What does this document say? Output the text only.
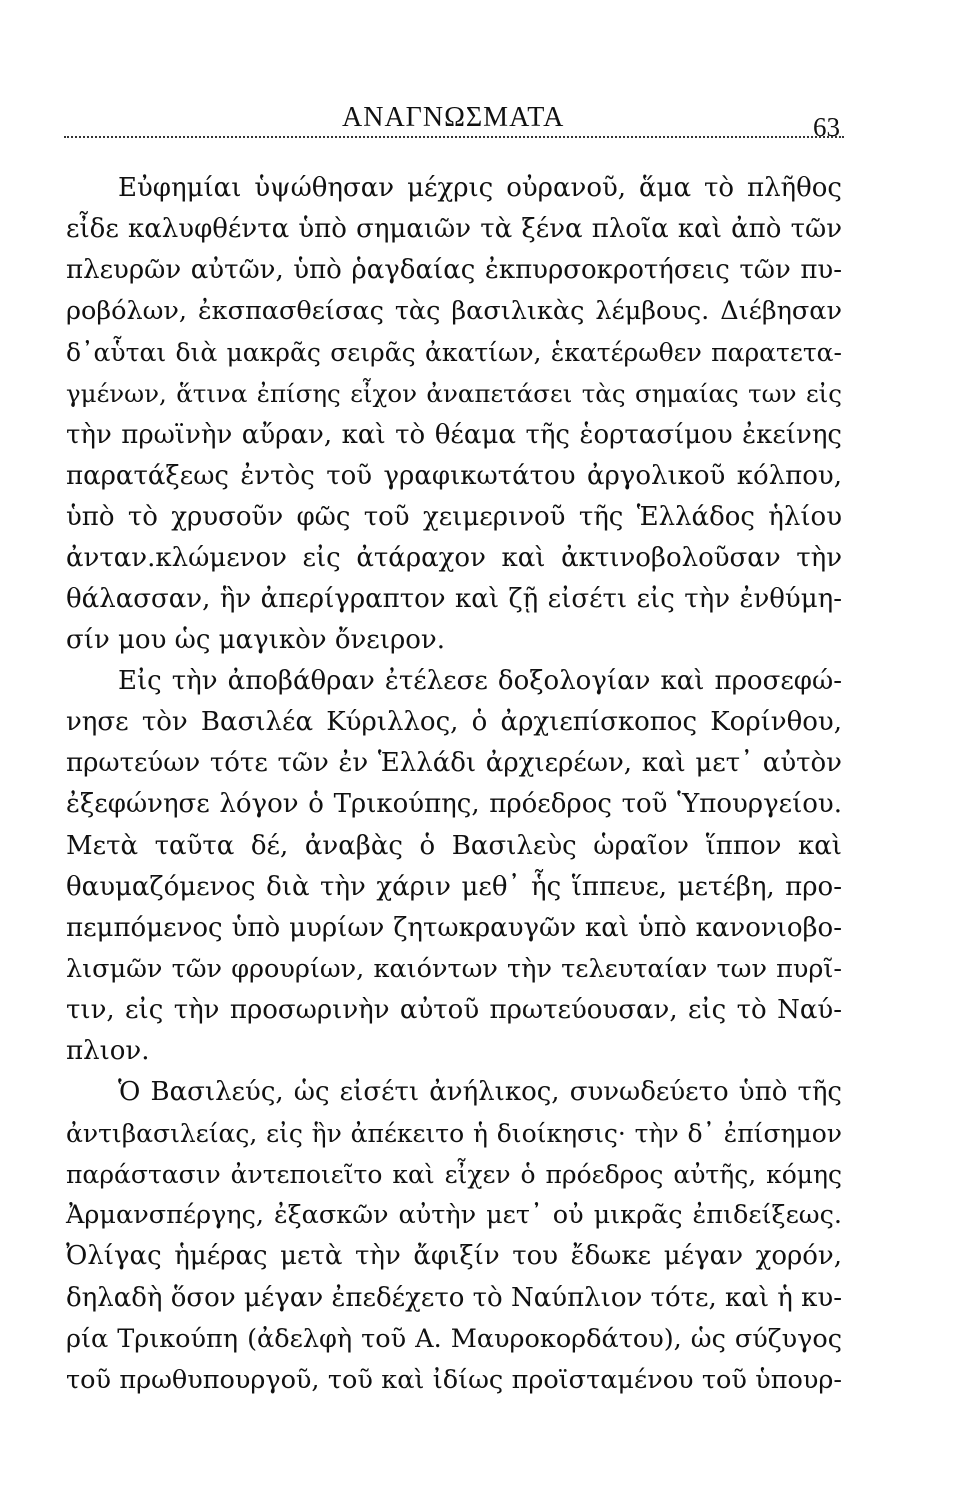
ΑΝΑΓΝΩΣΜΑΤΑ	63
Εὐφημίαι ὑψώθησαν μέχρις οὐρανοῦ, ἅμα τὸ πλῆθος
εἶδε καλυφθέντα ὑπὸ σημαιῶν τὰ ξένα πλοῖα καὶ ἀπὸ τῶν
πλευρῶν αὐτῶν, ὑπὸ ῥαγδαίας ἐκπυρσοκροτήσεις τῶν πυ-
ροβόλων, ἐκσπασθείσας τὰς βασιλικὰς λέμβους. Διέβησαν
δ᾽αὗται διὰ μακρᾶς σειρᾶς ἀκατίων, ἑκατέρωθεν παρατετα-
γμένων, ἅτινα ἐπίσης εἶχον ἀναπετάσει τὰς σημαίας των εἰς
τὴν πρωϊνὴν αὔραν, καὶ τὸ θέαμα τῆς ἑορτασίμου ἐκείνης
παρατάξεως ἐντὸς τοῦ γραφικωτάτου ἀργολικοῦ κόλπου,
ὑπὸ τὸ χρυσοῦν φῶς τοῦ χειμερινοῦ τῆς Ἑλλάδος ἡλίου
ἀνταν.κλώμενον εἰς ἀτάραχον καὶ ἀκτινοβολοῦσαν τὴν
θάλασσαν, ἣν ἀπερίγραπτον καὶ ζῇ εἰσέτι εἰς τὴν ἐνθύμη-
σίν μου ὡς μαγικὸν ὄνειρον.
Εἰς τὴν ἀποβάθραν ἐτέλεσε δοξολογίαν καὶ προσεφώ-
νησε τὸν Βασιλέα Κύριλλος, ὁ ἀρχιεπίσκοπος Κορίνθου,
πρωτεύων τότε τῶν ἐν Ἑλλάδι ἀρχιερέων, καὶ μετ᾽ αὐτὸν
ἐξεφώνησε λόγον ὁ Τρικούπης, πρόεδρος τοῦ Ὑπουργείου.
Μετὰ ταῦτα δέ, ἀναβὰς ὁ Βασιλεὺς ὡραῖον ἵππον καὶ
θαυμαζόμενος διὰ τὴν χάριν μεθ᾽ ἧς ἵππευε, μετέβη, προ-
πεμπόμενος ὑπὸ μυρίων ζητωκραυγῶν καὶ ὑπὸ κανονιοβο-
λισμῶν τῶν φρουρίων, καιόντων τὴν τελευταίαν των πυρῖ-
τιν, εἰς τὴν προσωρινὴν αὐτοῦ πρωτεύουσαν, εἰς τὸ Ναύ-
πλιον.
Ὁ Βασιλεύς, ὡς εἰσέτι ἀνήλικος, συνωδεύετο ὑπὸ τῆς
ἀντιβασιλείας, εἰς ἣν ἀπέκειτο ἡ διοίκησις· τὴν δ᾽ ἐπίσημον
παράστασιν ἀντεποιεῖτο καὶ εἶχεν ὁ πρόεδρος αὐτῆς, κόμης
Ἀρμανσπέργης, ἐξασκῶν αὐτὴν μετ᾽ οὐ μικρᾶς ἐπιδείξεως.
Ὀλίγας ἡμέρας μετὰ τὴν ἄφιξίν του ἔδωκε μέγαν χορόν,
δηλαδὴ ὅσον μέγαν ἐπεδέχετο τὸ Ναύπλιον τότε, καὶ ἡ κυ-
ρία Τρικούπη (ἀδελφὴ τοῦ Α. Μαυροκορδάτου), ὡς σύζυγος
τοῦ πρωθυπουργοῦ, τοῦ καὶ ἰδίως προϊσταμένου τοῦ ὑπουρ-
